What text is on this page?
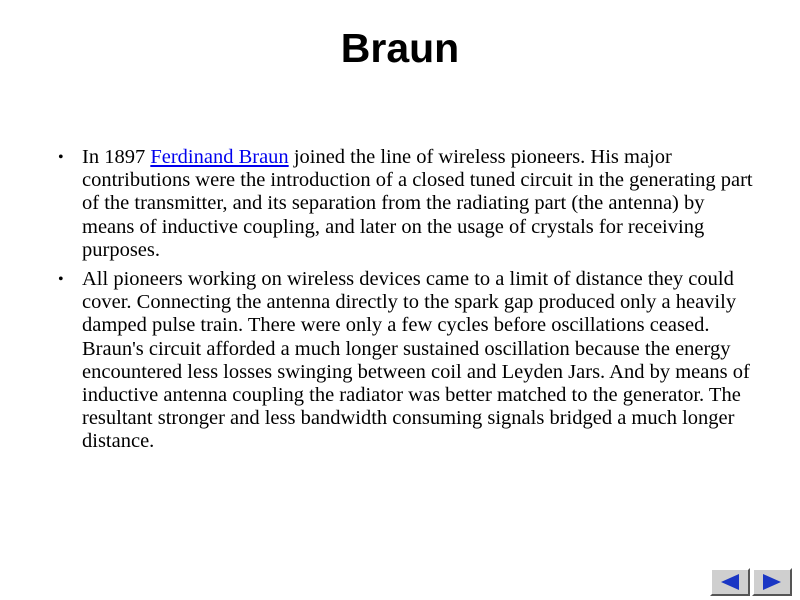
Braun
• In 1897 Ferdinand Braun joined the line of wireless pioneers. His major contributions were the introduction of a closed tuned circuit in the generating part of the transmitter, and its separation from the radiating part (the antenna) by means of inductive coupling, and later on the usage of crystals for receiving purposes.
• All pioneers working on wireless devices came to a limit of distance they could cover. Connecting the antenna directly to the spark gap produced only a heavily damped pulse train. There were only a few cycles before oscillations ceased. Braun's circuit afforded a much longer sustained oscillation because the energy encountered less losses swinging between coil and Leyden Jars. And by means of inductive antenna coupling the radiator was better matched to the generator. The resultant stronger and less bandwidth consuming signals bridged a much longer distance.
